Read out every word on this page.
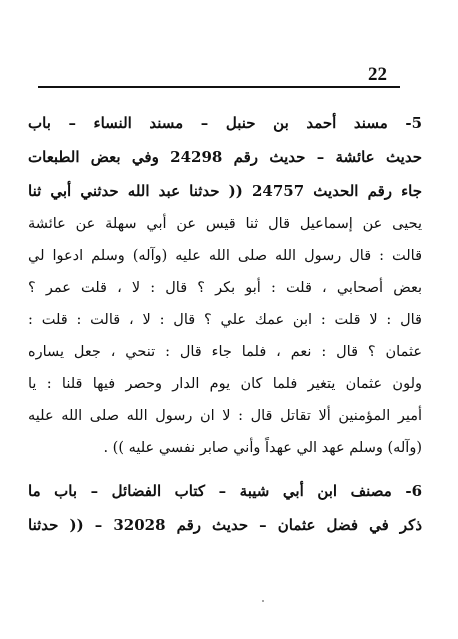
22
5- مسند أحمد بن حنبل – مسند النساء – باب
حديث عائشة – حديث رقم 24298 وفي بعض الطبعات
جاء رقم الحديث 24757 (( حدثنا عبد الله حدثني أبي ثنا
يحيى عن إسماعيل قال ثنا قيس عن أبي سهلة عن عائشة
قالت : قال رسول الله صلى الله عليه (وآله) وسلم ادعوا لي
بعض أصحابي ، قلت : أبو بكر ؟ قال : لا ، قلت عمر ؟
قال : لا قلت : ابن عمك علي ؟ قال : لا ، قالت : قلت :
عثمان ؟ قال : نعم ، فلما جاء قال : تنحي ، جعل يساره
ولون عثمان يتغير فلما كان يوم الدار وحصر فيها قلنا : يا
أمير المؤمنين ألا تقاتل قال : لا ان رسول الله صلى الله عليه
(وآله) وسلم عهد الي عهداً وأني صابر نفسي عليه )) .
6- مصنف ابن أبي شيبة – كتاب الفضائل – باب ما
ذكر في فضل عثمان – حديث رقم 32028 – (( حدثنا
